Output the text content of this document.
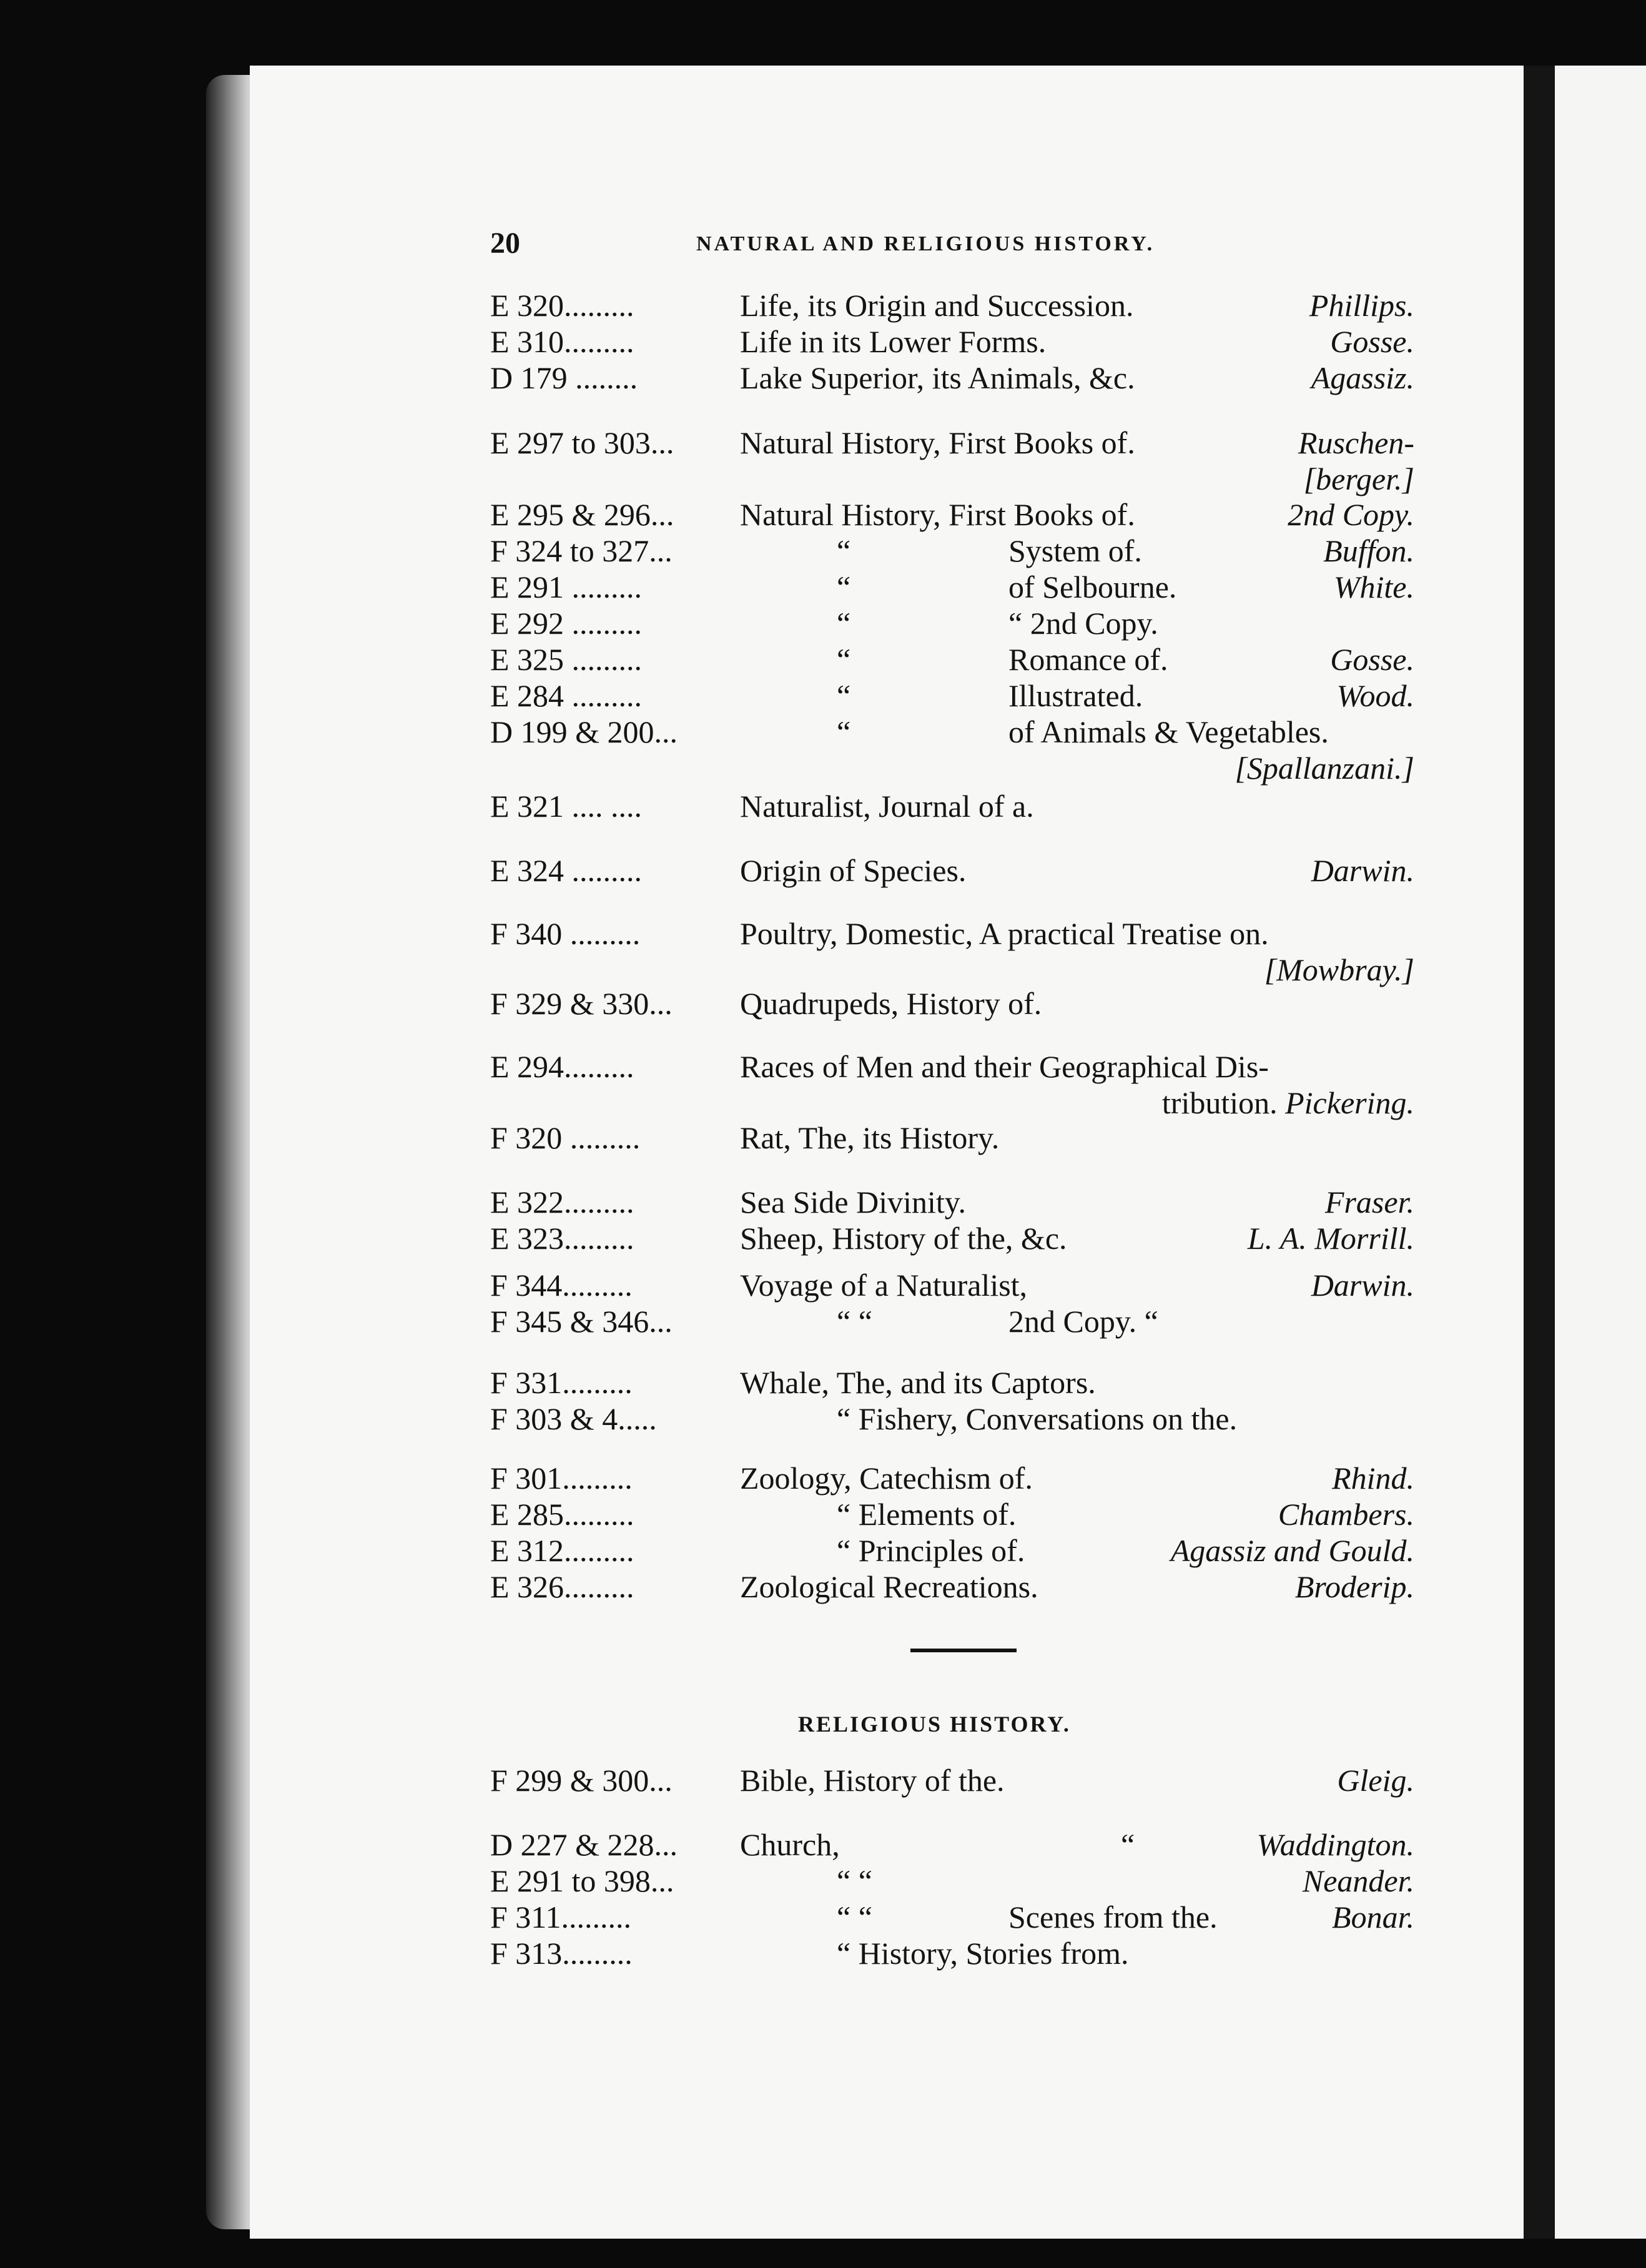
20	NATURAL AND RELIGIOUS HISTORY.
E 320.........	Life, its Origin and Succession.	Phillips.
E 310.........	Life in its Lower Forms.	Gosse.
D 179 ........	Lake Superior, its Animals, &c.	Agassiz.
E 297 to 303... Natural History, First Books of.	Ruschen-
[berger.]
E 295 & 296... Natural History, First Books of.	2nd Copy.
F 324 to 327...	“	System of.	Buffon.
E 291 .........	“	of Selbourne.	White.
E 292 .........	“	“ 2nd Copy.
E 325 .........	“	Romance of.	Gosse.
E 284 .........	“	Illustrated.	Wood.
D 199 & 200...	“	of Animals & Vegetables.
[Spallanzani.]
E 321 .... ....	Naturalist, Journal of a.
E 324 .........	Origin of Species.	Darwin.
F 340 .........	Poultry, Domestic, A practical Treatise on.
[Mowbray.]
F 329 & 330... Quadrupeds, History of.
E 294.........	Races of Men and their Geographical Dis-
tribution. Pickering.
F 320 .........	Rat, The, its History.
E 322.........	Sea Side Divinity.	Fraser.
E 323.........	Sheep, History of the, &c.	L. A. Morrill.
F 344.........	Voyage of a Naturalist,	Darwin.
F 345 & 346...	“ “	2nd Copy. “
F 331.........	Whale, The, and its Captors.
F 303 & 4.....	“ Fishery, Conversations on the.
F 301.........	Zoology, Catechism of.	Rhind.
E 285.........	“ Elements of.	Chambers.
E 312.........	“ Principles of.	Agassiz and Gould.
E 326.........	Zoological Recreations.	Broderip.
RELIGIOUS HISTORY.
F 299 & 300... Bible, History of the.	Gleig.
D 227 & 228... Church,	“	Waddington.
E 291 to 398...	“ “	Neander.
F 311.........	“ “	Scenes from the.	Bonar.
F 313.........	“ History, Stories from.
